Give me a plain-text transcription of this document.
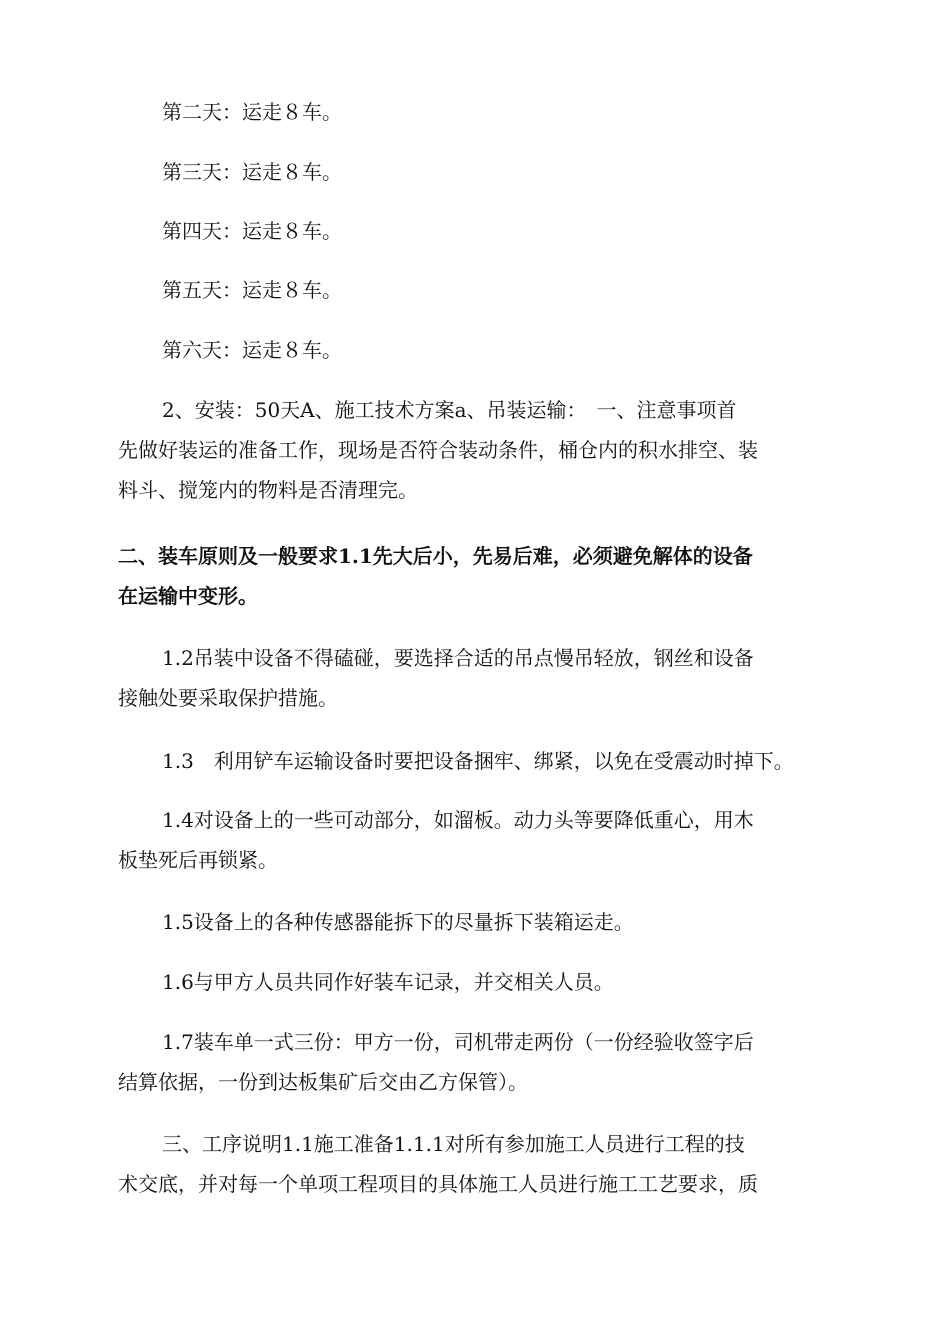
第二天：运走８车。

第三天：运走８车。

第四天：运走８车。

第五天：运走８车。

第六天：运走８车。

2、安装：50天A、施工技术方案a、吊装运输：　一、注意事项首
先做好装运的准备工作，现场是否符合装动条件，桶仓内的积水排空、装
料斗、搅笼内的物料是否清理完。

二、装车原则及一般要求1.1先大后小，先易后难，必须避免解体的设备
在运输中变形。

1.2吊装中设备不得磕碰，要选择合适的吊点慢吊轻放，钢丝和设备
接触处要采取保护措施。

1.3　利用铲车运输设备时要把设备捆牢、绑紧，以免在受震动时掉下。

1.4对设备上的一些可动部分，如溜板。动力头等要降低重心，用木
板垫死后再锁紧。

1.5设备上的各种传感器能拆下的尽量拆下装箱运走。

1.6与甲方人员共同作好装车记录，并交相关人员。

1.7装车单一式三份：甲方一份，司机带走两份（一份经验收签字后
结算依据，一份到达板集矿后交由乙方保管）。

三、工序说明1.1施工准备1.1.1对所有参加施工人员进行工程的技
术交底，并对每一个单项工程项目的具体施工人员进行施工工艺要求，质
